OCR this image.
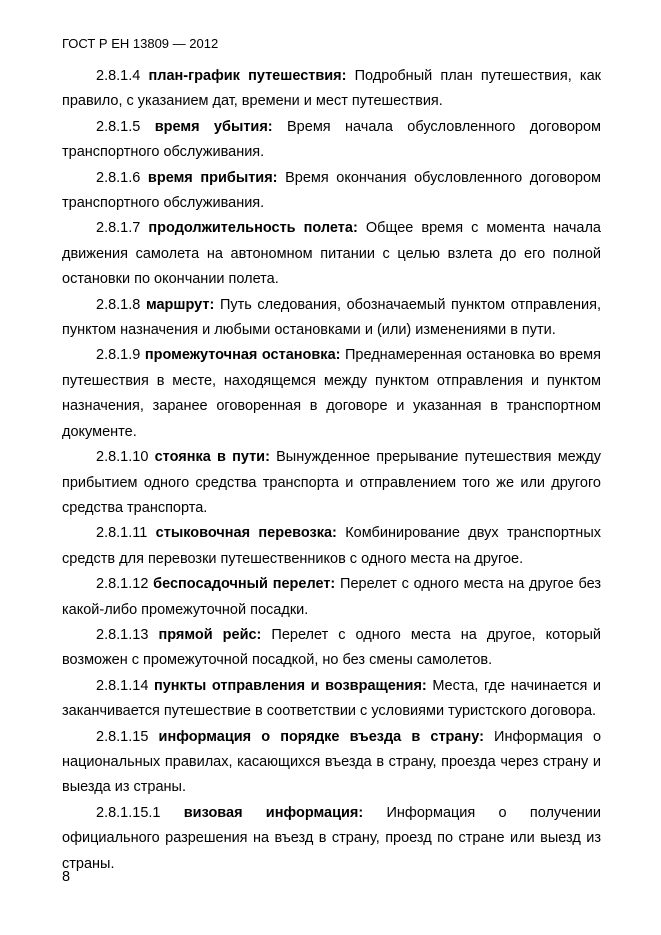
ГОСТ Р ЕН 13809 — 2012

2.8.1.4 план-график путешествия: Подробный план путешествия, как правило, с указанием дат, времени и мест путешествия.

2.8.1.5 время убытия: Время начала обусловленного договором транспортного обслуживания.

2.8.1.6 время прибытия: Время окончания обусловленного договором транспортного обслуживания.

2.8.1.7 продолжительность полета: Общее время с момента начала движения самолета на автономном питании с целью взлета до его полной остановки по окончании полета.

2.8.1.8 маршрут: Путь следования, обозначаемый пунктом отправления, пунктом назначения и любыми остановками и (или) изменениями в пути.

2.8.1.9 промежуточная остановка: Преднамеренная остановка во время путешествия в месте, находящемся между пунктом отправления и пунктом назначения, заранее оговоренная в договоре и указанная в транспортном документе.

2.8.1.10 стоянка в пути: Вынужденное прерывание путешествия между прибытием одного средства транспорта и отправлением того же или другого средства транспорта.

2.8.1.11 стыковочная перевозка: Комбинирование двух транспортных средств для перевозки путешественников с одного места на другое.

2.8.1.12 беспосадочный перелет: Перелет с одного места на другое без какой-либо промежуточной посадки.

2.8.1.13 прямой рейс: Перелет с одного места на другое, который возможен с промежуточной посадкой, но без смены самолетов.

2.8.1.14 пункты отправления и возвращения: Места, где начинается и заканчивается путешествие в соответствии с условиями туристского договора.

2.8.1.15 информация о порядке въезда в страну: Информация о национальных правилах, касающихся въезда в страну, проезда через страну и выезда из страны.

2.8.1.15.1 визовая информация: Информация о получении официального разрешения на въезд в страну, проезд по стране или выезд из страны.

8
